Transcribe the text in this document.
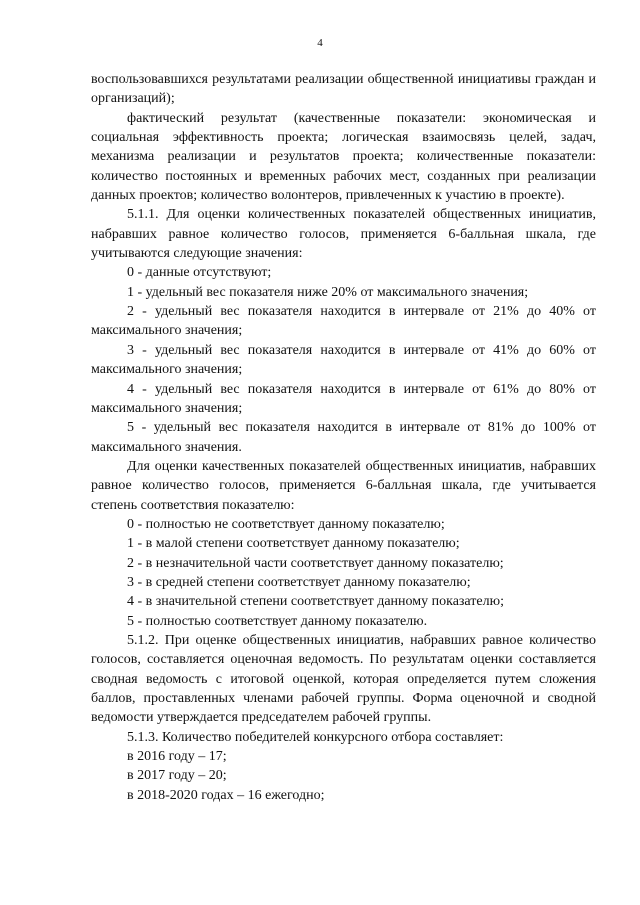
4

воспользовавшихся результатами реализации общественной инициативы граждан и организаций);

фактический результат (качественные показатели: экономическая и социальная эффективность проекта; логическая взаимосвязь целей, задач, механизма реализации и результатов проекта; количественные показатели: количество постоянных и временных рабочих мест, созданных при реализации данных проектов; количество волонтеров, привлеченных к участию в проекте).

5.1.1. Для оценки количественных показателей общественных инициатив, набравших равное количество голосов, применяется 6-балльная шкала, где учитываются следующие значения:

0 - данные отсутствуют;

1 - удельный вес показателя ниже 20% от максимального значения;

2 - удельный вес показателя находится в интервале от 21% до 40% от максимального значения;

3 - удельный вес показателя находится в интервале от 41% до 60% от максимального значения;

4 - удельный вес показателя находится в интервале от 61% до 80% от максимального значения;

5 - удельный вес показателя находится в интервале от 81% до 100% от максимального значения.

Для оценки качественных показателей общественных инициатив, набравших равное количество голосов, применяется 6-балльная шкала, где учитывается степень соответствия показателю:

0 - полностью не соответствует данному показателю;

1 - в малой степени соответствует данному показателю;

2 - в незначительной части соответствует данному показателю;

3 - в средней степени соответствует данному показателю;

4 - в значительной степени соответствует данному показателю;

5 - полностью соответствует данному показателю.

5.1.2. При оценке общественных инициатив, набравших равное количество голосов, составляется оценочная ведомость. По результатам оценки составляется сводная ведомость с итоговой оценкой, которая определяется путем сложения баллов, проставленных членами рабочей группы. Форма оценочной и сводной ведомости утверждается председателем рабочей группы.

5.1.3. Количество победителей конкурсного отбора составляет:

в 2016 году – 17;

в 2017 году – 20;

в 2018-2020 годах – 16 ежегодно;
